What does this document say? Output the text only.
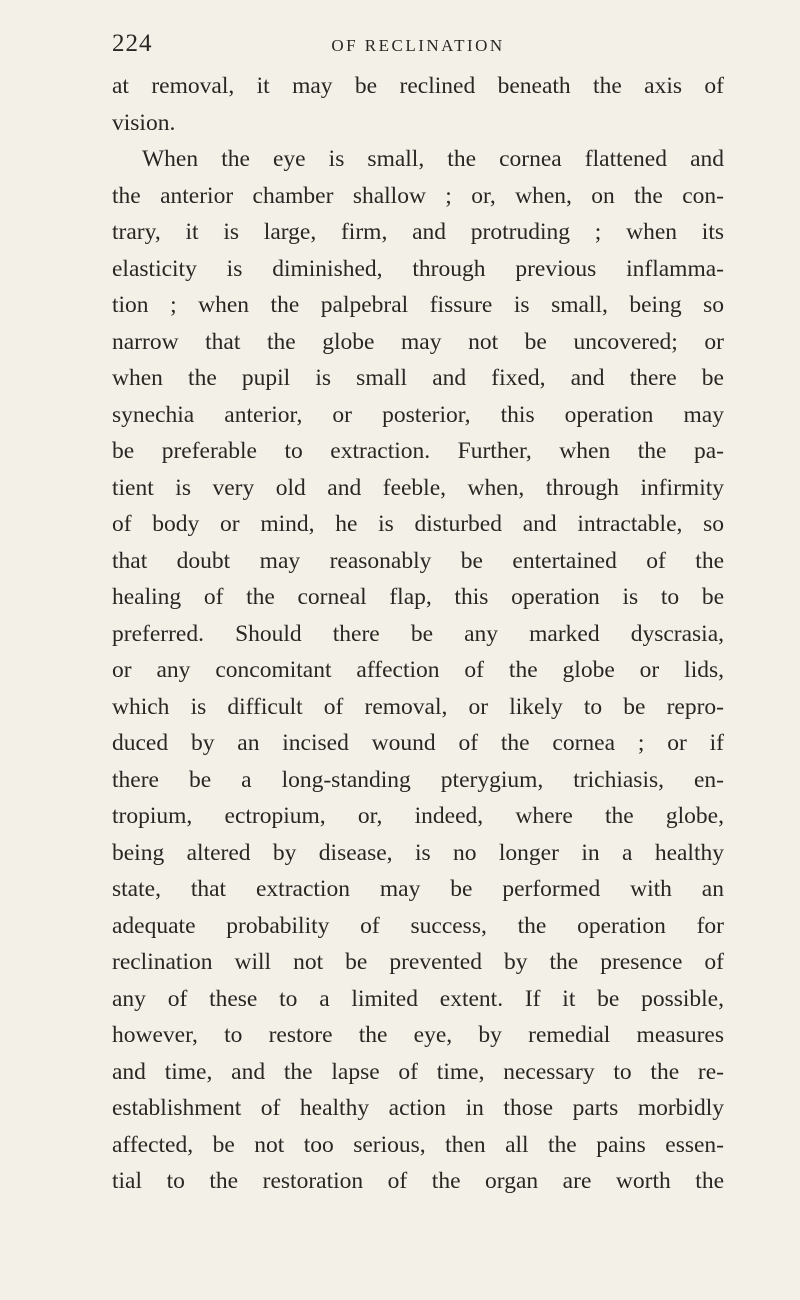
224	OF RECLINATION
at removal, it may be reclined beneath the axis of
vision.
When the eye is small, the cornea flattened and
the anterior chamber shallow ; or, when, on the con-
trary, it is large, firm, and protruding ; when its
elasticity is diminished, through previous inflamma-
tion ; when the palpebral fissure is small, being so
narrow that the globe may not be uncovered; or
when the pupil is small and fixed, and there be
synechia anterior, or posterior, this operation may
be preferable to extraction. Further, when the pa-
tient is very old and feeble, when, through infirmity
of body or mind, he is disturbed and intractable, so
that doubt may reasonably be entertained of the
healing of the corneal flap, this operation is to be
preferred. Should there be any marked dyscrasia,
or any concomitant affection of the globe or lids,
which is difficult of removal, or likely to be repro-
duced by an incised wound of the cornea ; or if
there be a long-standing pterygium, trichiasis, en-
tropium, ectropium, or, indeed, where the globe,
being altered by disease, is no longer in a healthy
state, that extraction may be performed with an
adequate probability of success, the operation for
reclination will not be prevented by the presence of
any of these to a limited extent. If it be possible,
however, to restore the eye, by remedial measures
and time, and the lapse of time, necessary to the re-
establishment of healthy action in those parts morbidly
affected, be not too serious, then all the pains essen-
tial to the restoration of the organ are worth the
